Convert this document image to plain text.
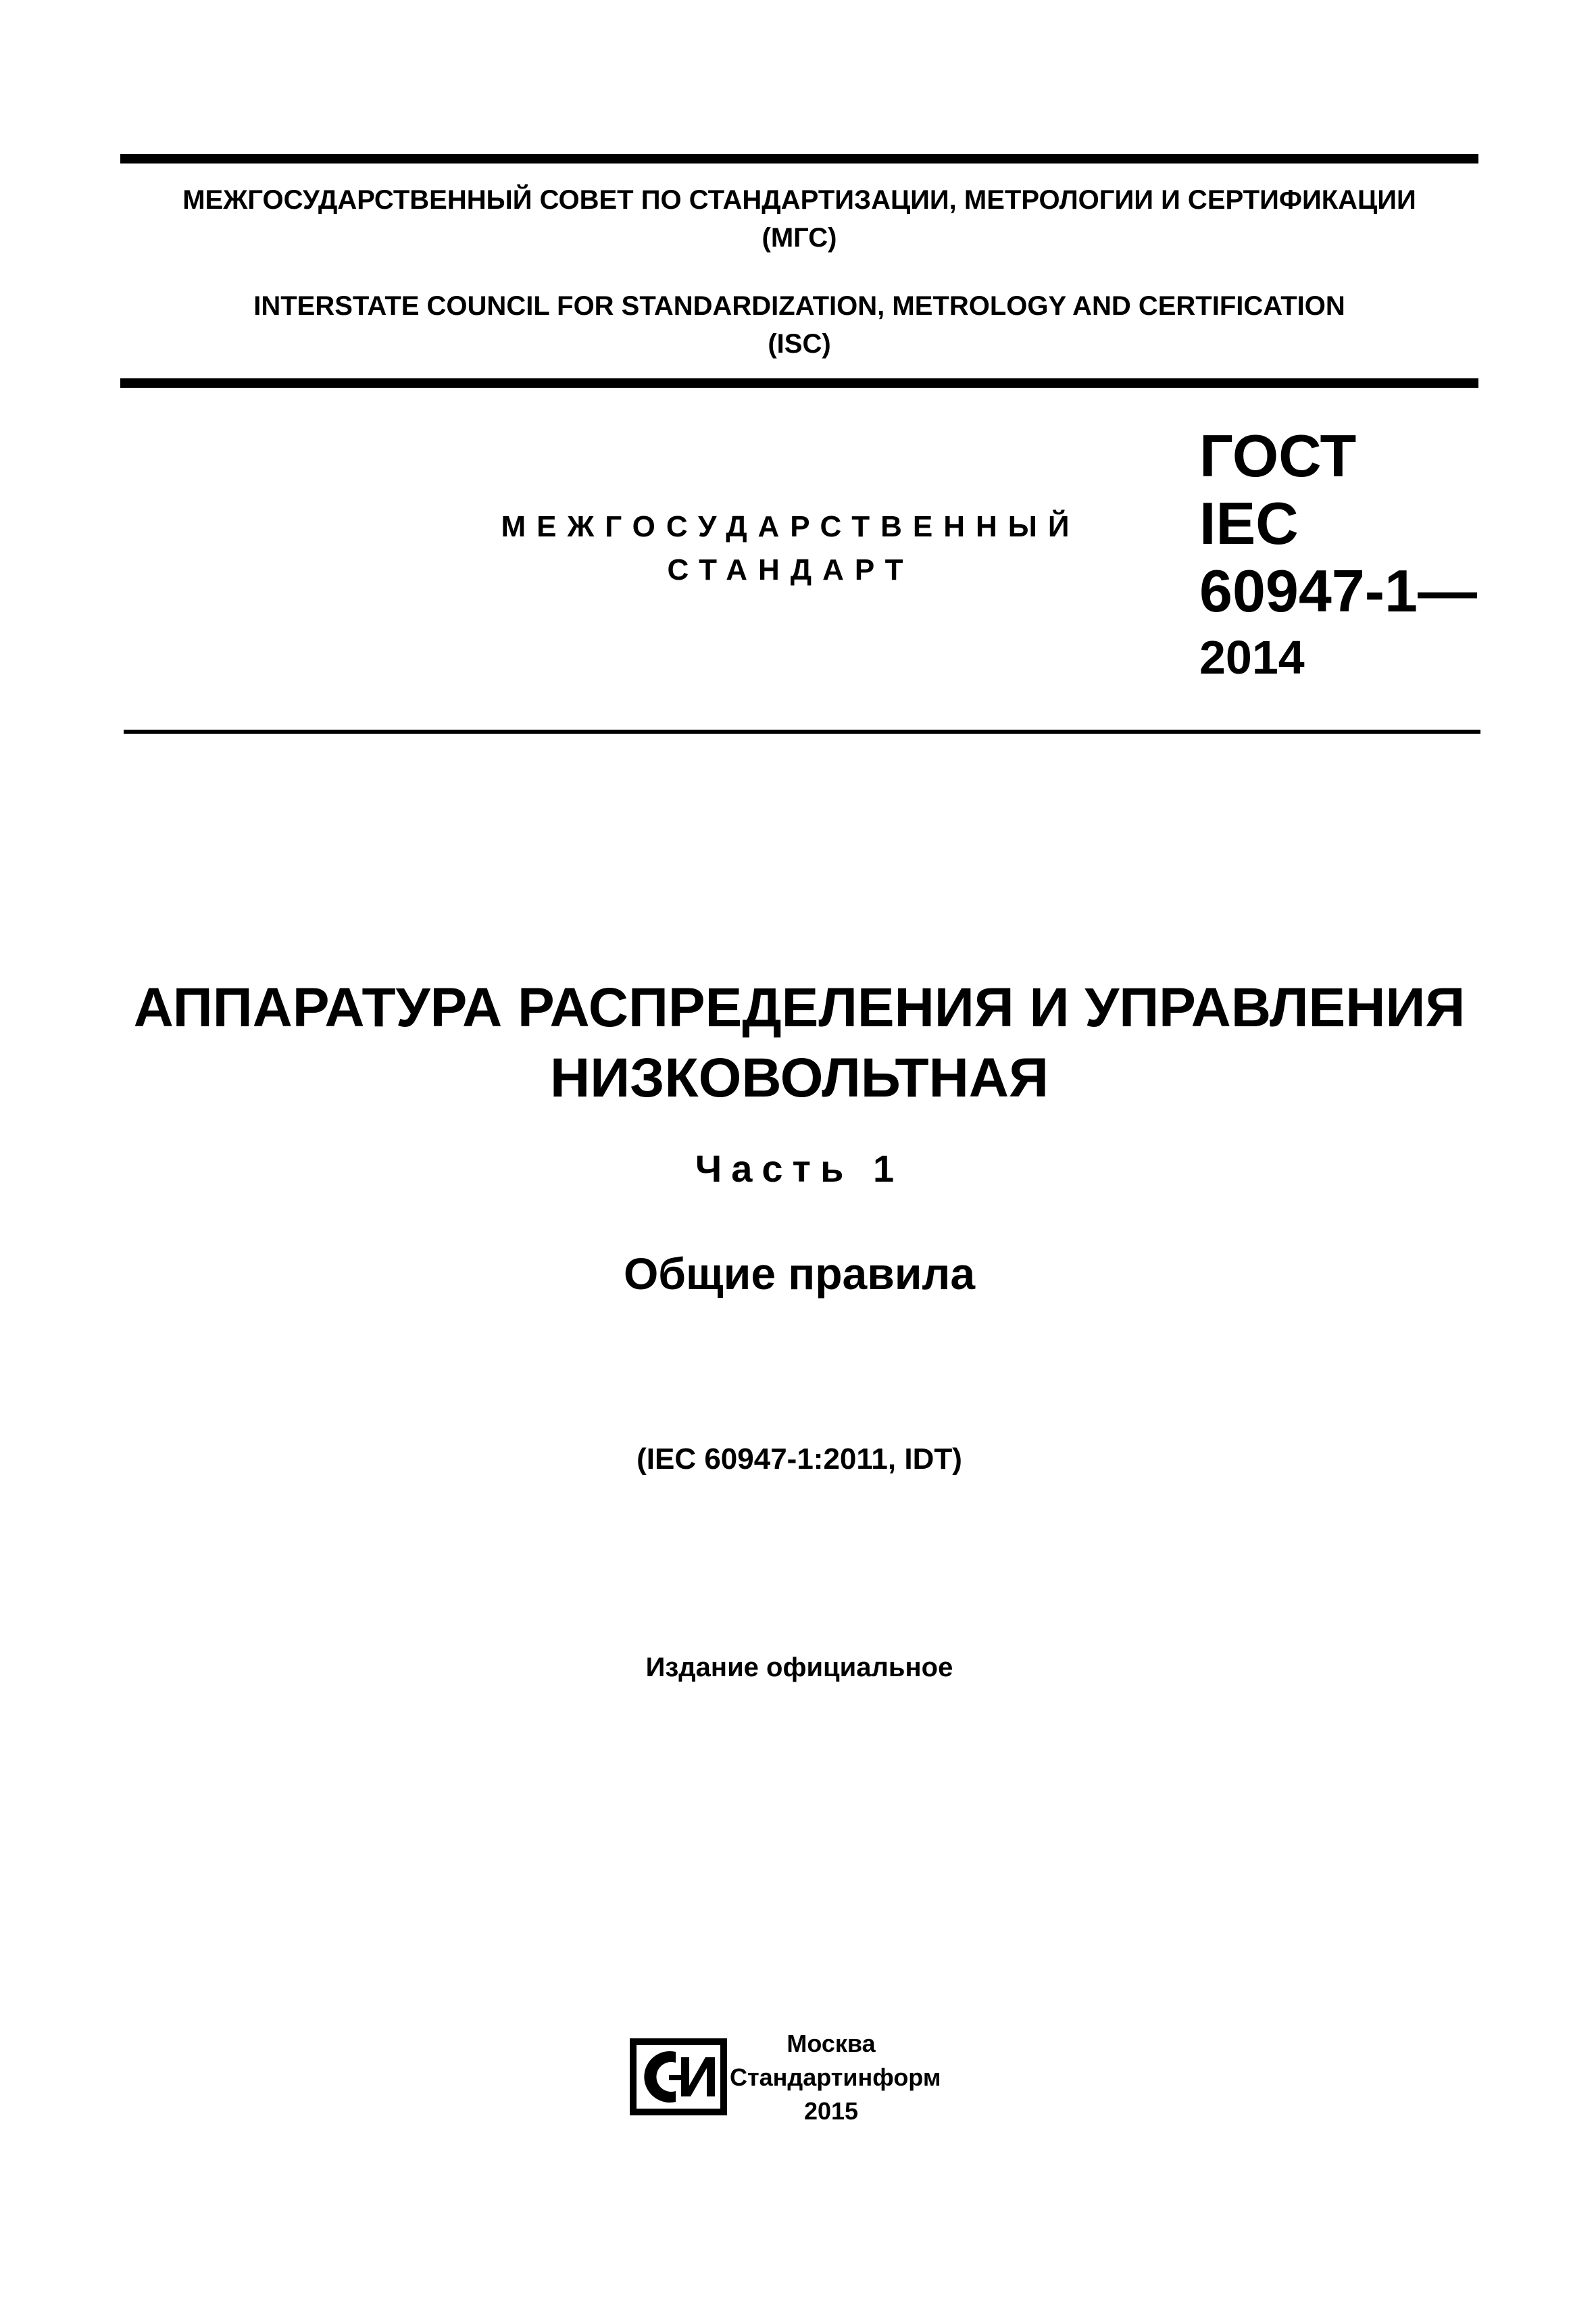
МЕЖГОСУДАРСТВЕННЫЙ СОВЕТ ПО СТАНДАРТИЗАЦИИ, МЕТРОЛОГИИ И СЕРТИФИКАЦИИ
(МГС)
INTERSTATE COUNCIL FOR STANDARDIZATION, METROLOGY AND CERTIFICATION
(ISC)
МЕЖГОСУДАРСТВЕННЫЙ
СТАНДАРТ
ГОСТ
IEC
60947-1—
2014
АППАРАТУРА РАСПРЕДЕЛЕНИЯ И УПРАВЛЕНИЯ
НИЗКОВОЛЬТНАЯ
Часть 1
Общие правила
(IEC 60947-1:2011, IDT)
Издание официальное
Москва
Стандартинформ
2015
